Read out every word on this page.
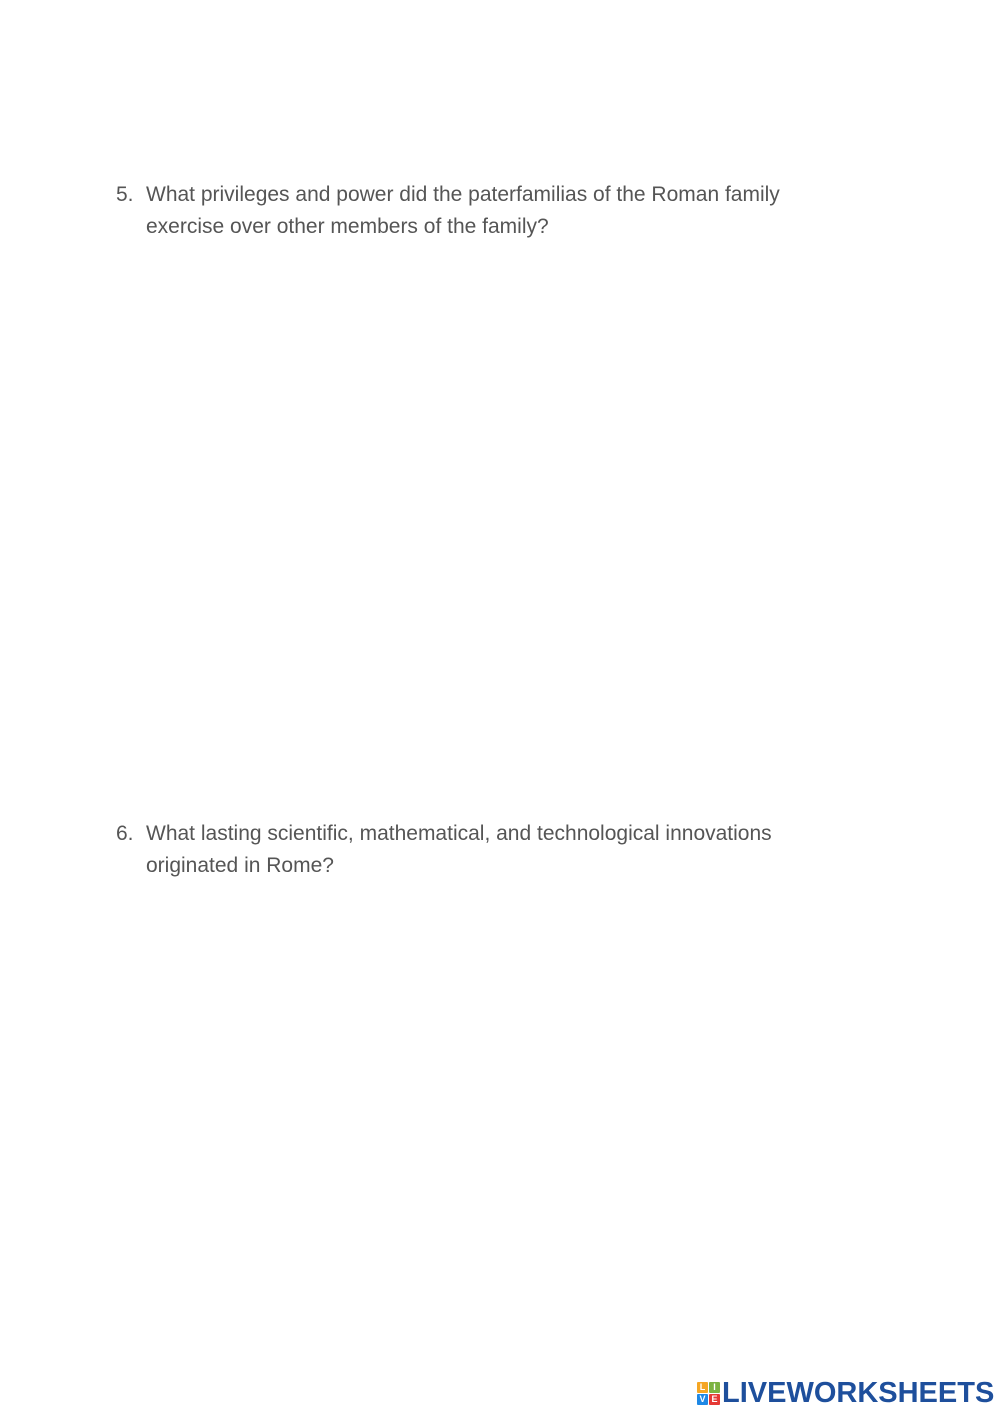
5. What privileges and power did the paterfamilias of the Roman family exercise over other members of the family?
6. What lasting scientific, mathematical, and technological innovations originated in Rome?
L I
V E LIVEWORKSHEETS
